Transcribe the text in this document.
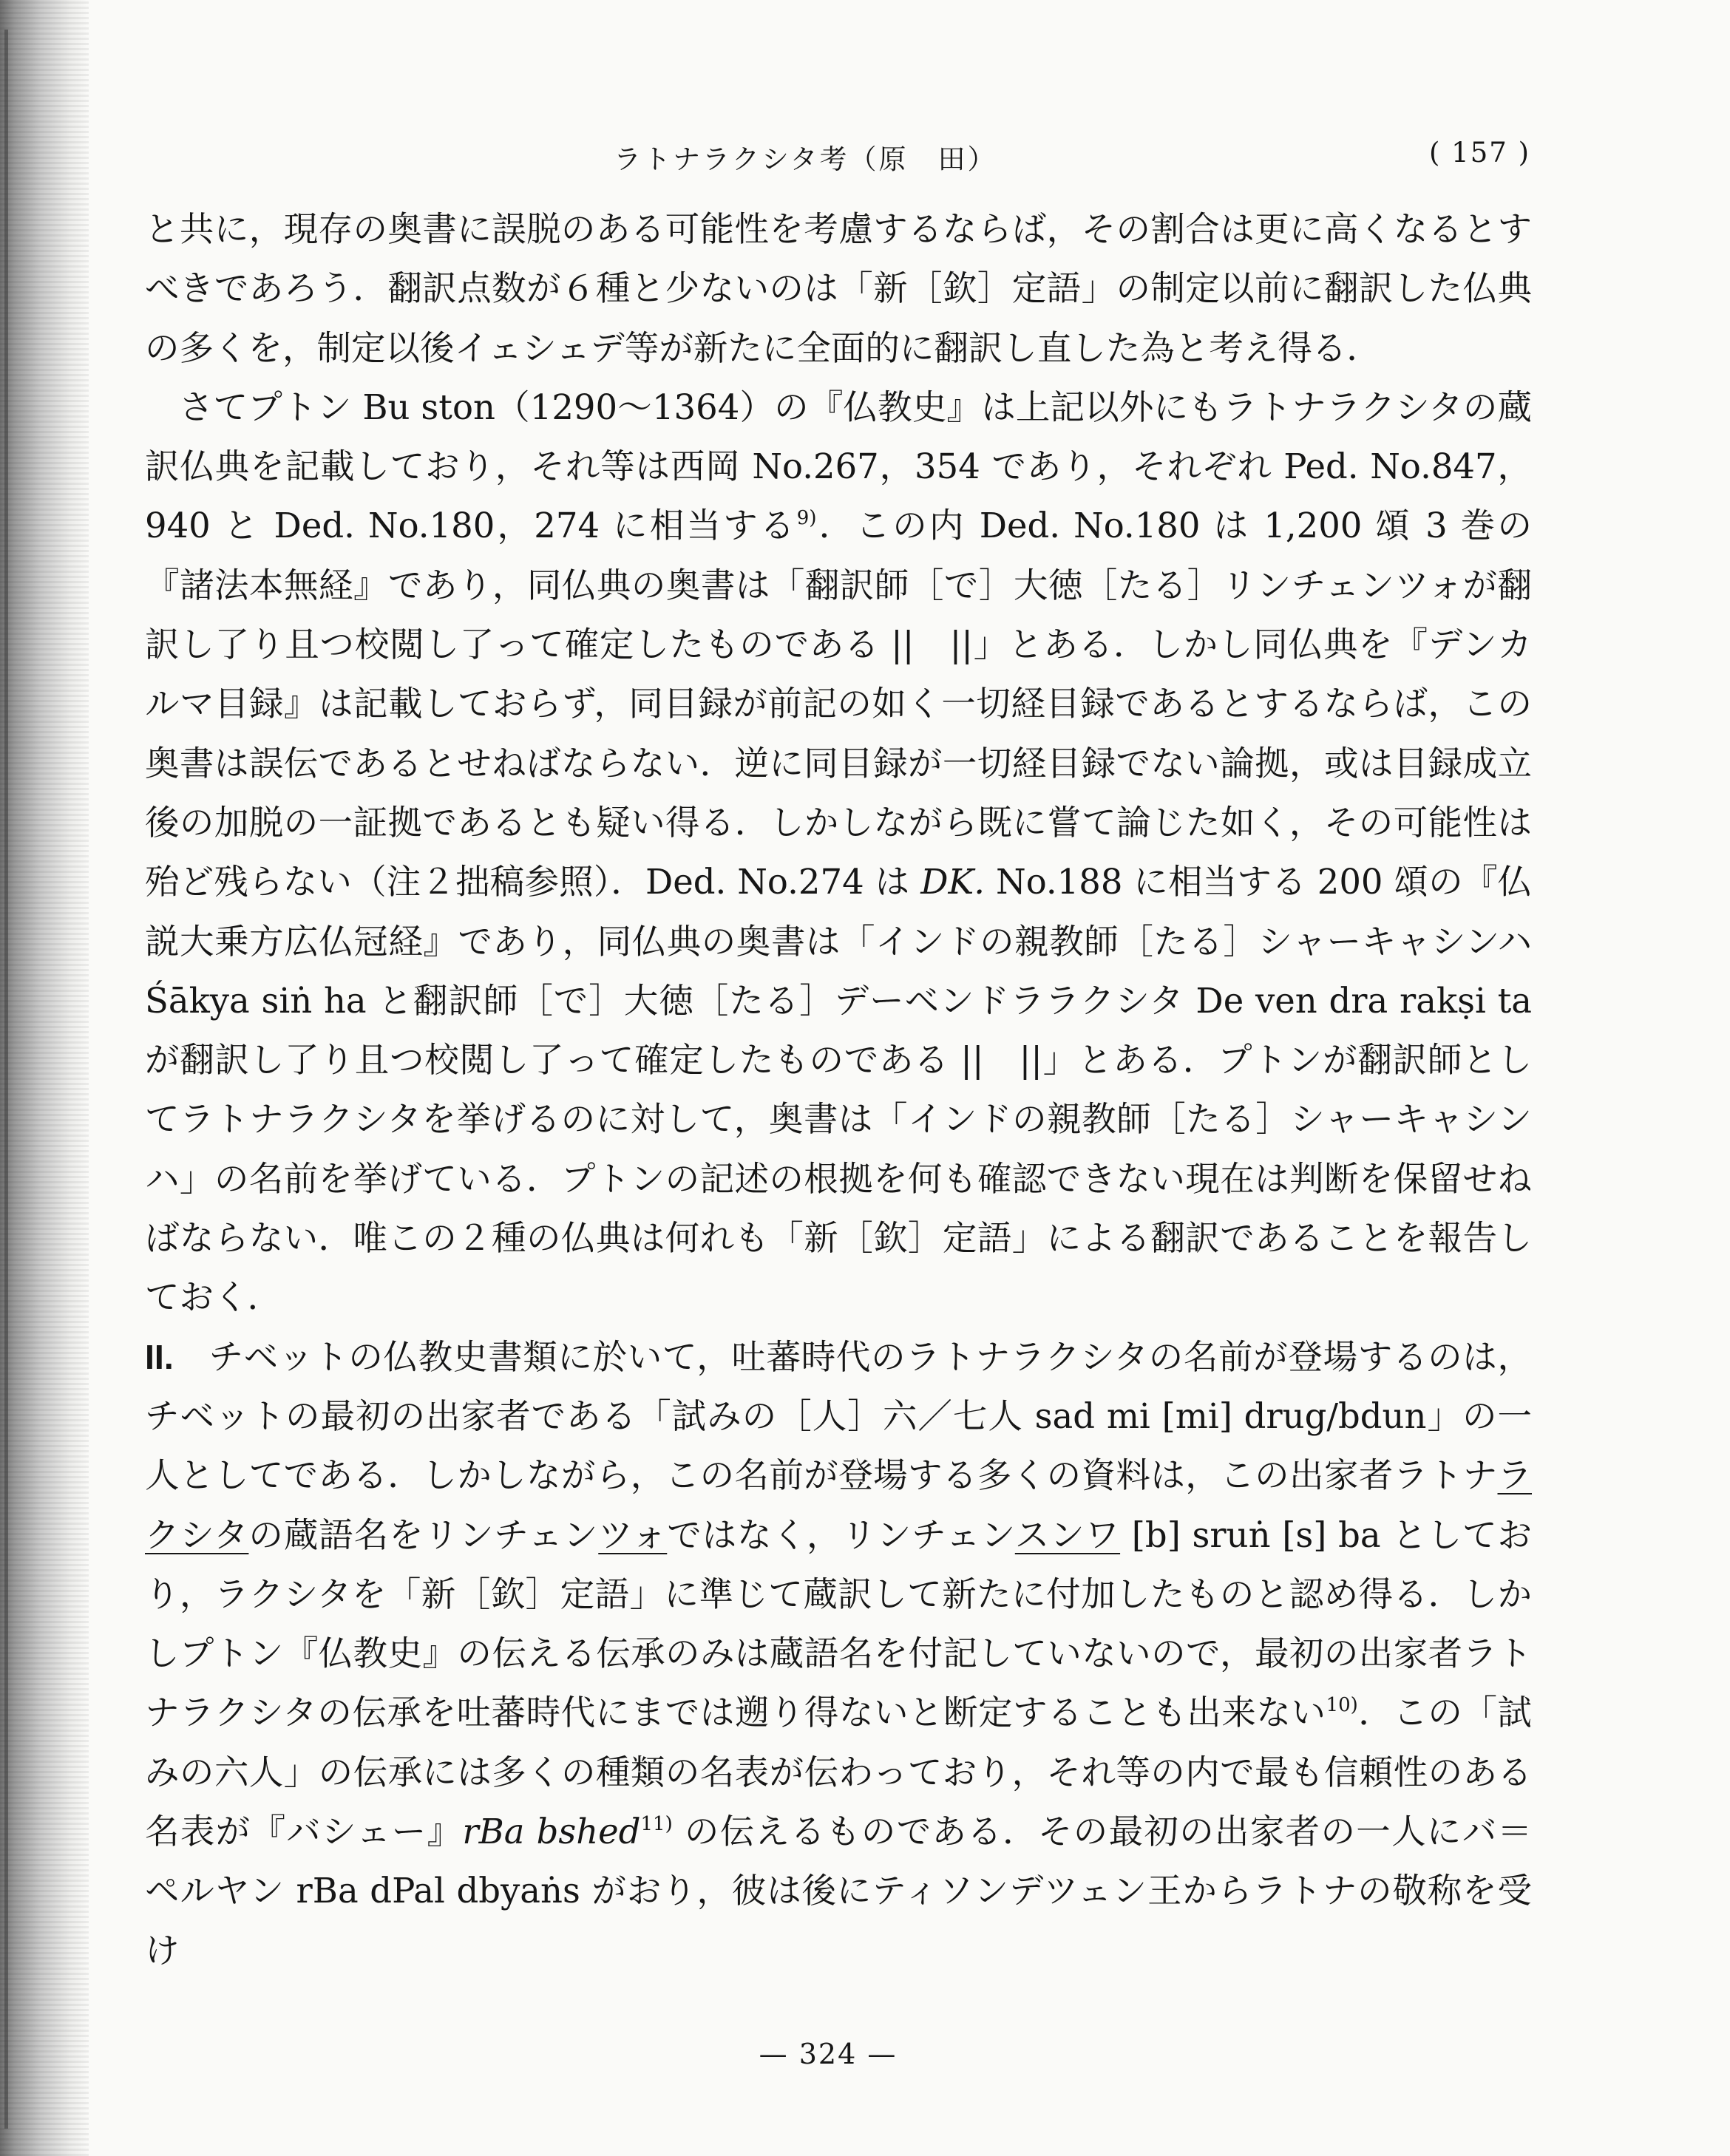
ラトナラクシタ考（原　田）	( 157 )

と共に，現存の奥書に誤脱のある可能性を考慮するならば，その割合は更に高くなるとすべきであろう．翻訳点数が６種と少ないのは「新［欽］定語」の制定以前に翻訳した仏典の多くを，制定以後イェシェデ等が新たに全面的に翻訳し直した為と考え得る．

さてプトン Bu ston（1290～1364）の『仏教史』は上記以外にもラトナラクシタの蔵訳仏典を記載しており，それ等は西岡 No.267，354 であり，それぞれ Ped. No.847，940 と Ded. No.180，274 に相当する$^{9)}$．この内 Ded. No.180 は 1,200 頌 3 巻の『諸法本無経』であり，同仏典の奥書は「翻訳師［で］大徳［たる］リンチェンツォが翻訳し了り且つ校閲し了って確定したものである ||　||」とある．しかし同仏典を『デンカルマ目録』は記載しておらず，同目録が前記の如く一切経目録であるとするならば，この奥書は誤伝であるとせねばならない．逆に同目録が一切経目録でない論拠，或は目録成立後の加脱の一証拠であるとも疑い得る．しかしながら既に嘗て論じた如く，その可能性は殆ど残らない（注２拙稿参照）．Ded. No.274 は DK. No.188 に相当する 200 頌の『仏説大乗方広仏冠経』であり，同仏典の奥書は「インドの親教師［たる］シャーキャシンハ Śākya siṅ ha と翻訳師［で］大徳［たる］デーベンドララクシタ De ven dra rakṣi ta が翻訳し了り且つ校閲し了って確定したものである ||　||」とある．プトンが翻訳師としてラトナラクシタを挙げるのに対して，奥書は「インドの親教師［たる］シャーキャシンハ」の名前を挙げている．プトンの記述の根拠を何も確認できない現在は判断を保留せねばならない．唯この２種の仏典は何れも「新［欽］定語」による翻訳であることを報告しておく．

II.　チベットの仏教史書類に於いて，吐蕃時代のラトナラクシタの名前が登場するのは，チベットの最初の出家者である「試みの［人］六／七人 sad mi [mi] drug/bdun」の一人としてである．しかしながら，この名前が登場する多くの資料は，この出家者ラトナラクシタの蔵語名をリンチェンツォではなく，リンチェンスンワ [b] sruṅ [s] ba としており，ラクシタを「新［欽］定語」に準じて蔵訳して新たに付加したものと認め得る．しかしプトン『仏教史』の伝える伝承のみは蔵語名を付記していないので，最初の出家者ラトナラクシタの伝承を吐蕃時代にまでは遡り得ないと断定することも出来ない$^{10)}$．この「試みの六人」の伝承には多くの種類の名表が伝わっており，それ等の内で最も信頼性のある名表が『バシェー』rBa bshed$^{11)}$ の伝えるものである．その最初の出家者の一人にバ＝ペルヤン rBa dPal dbyaṅs がおり，彼は後にティソンデツェン王からラトナの敬称を受け

— 324 —
